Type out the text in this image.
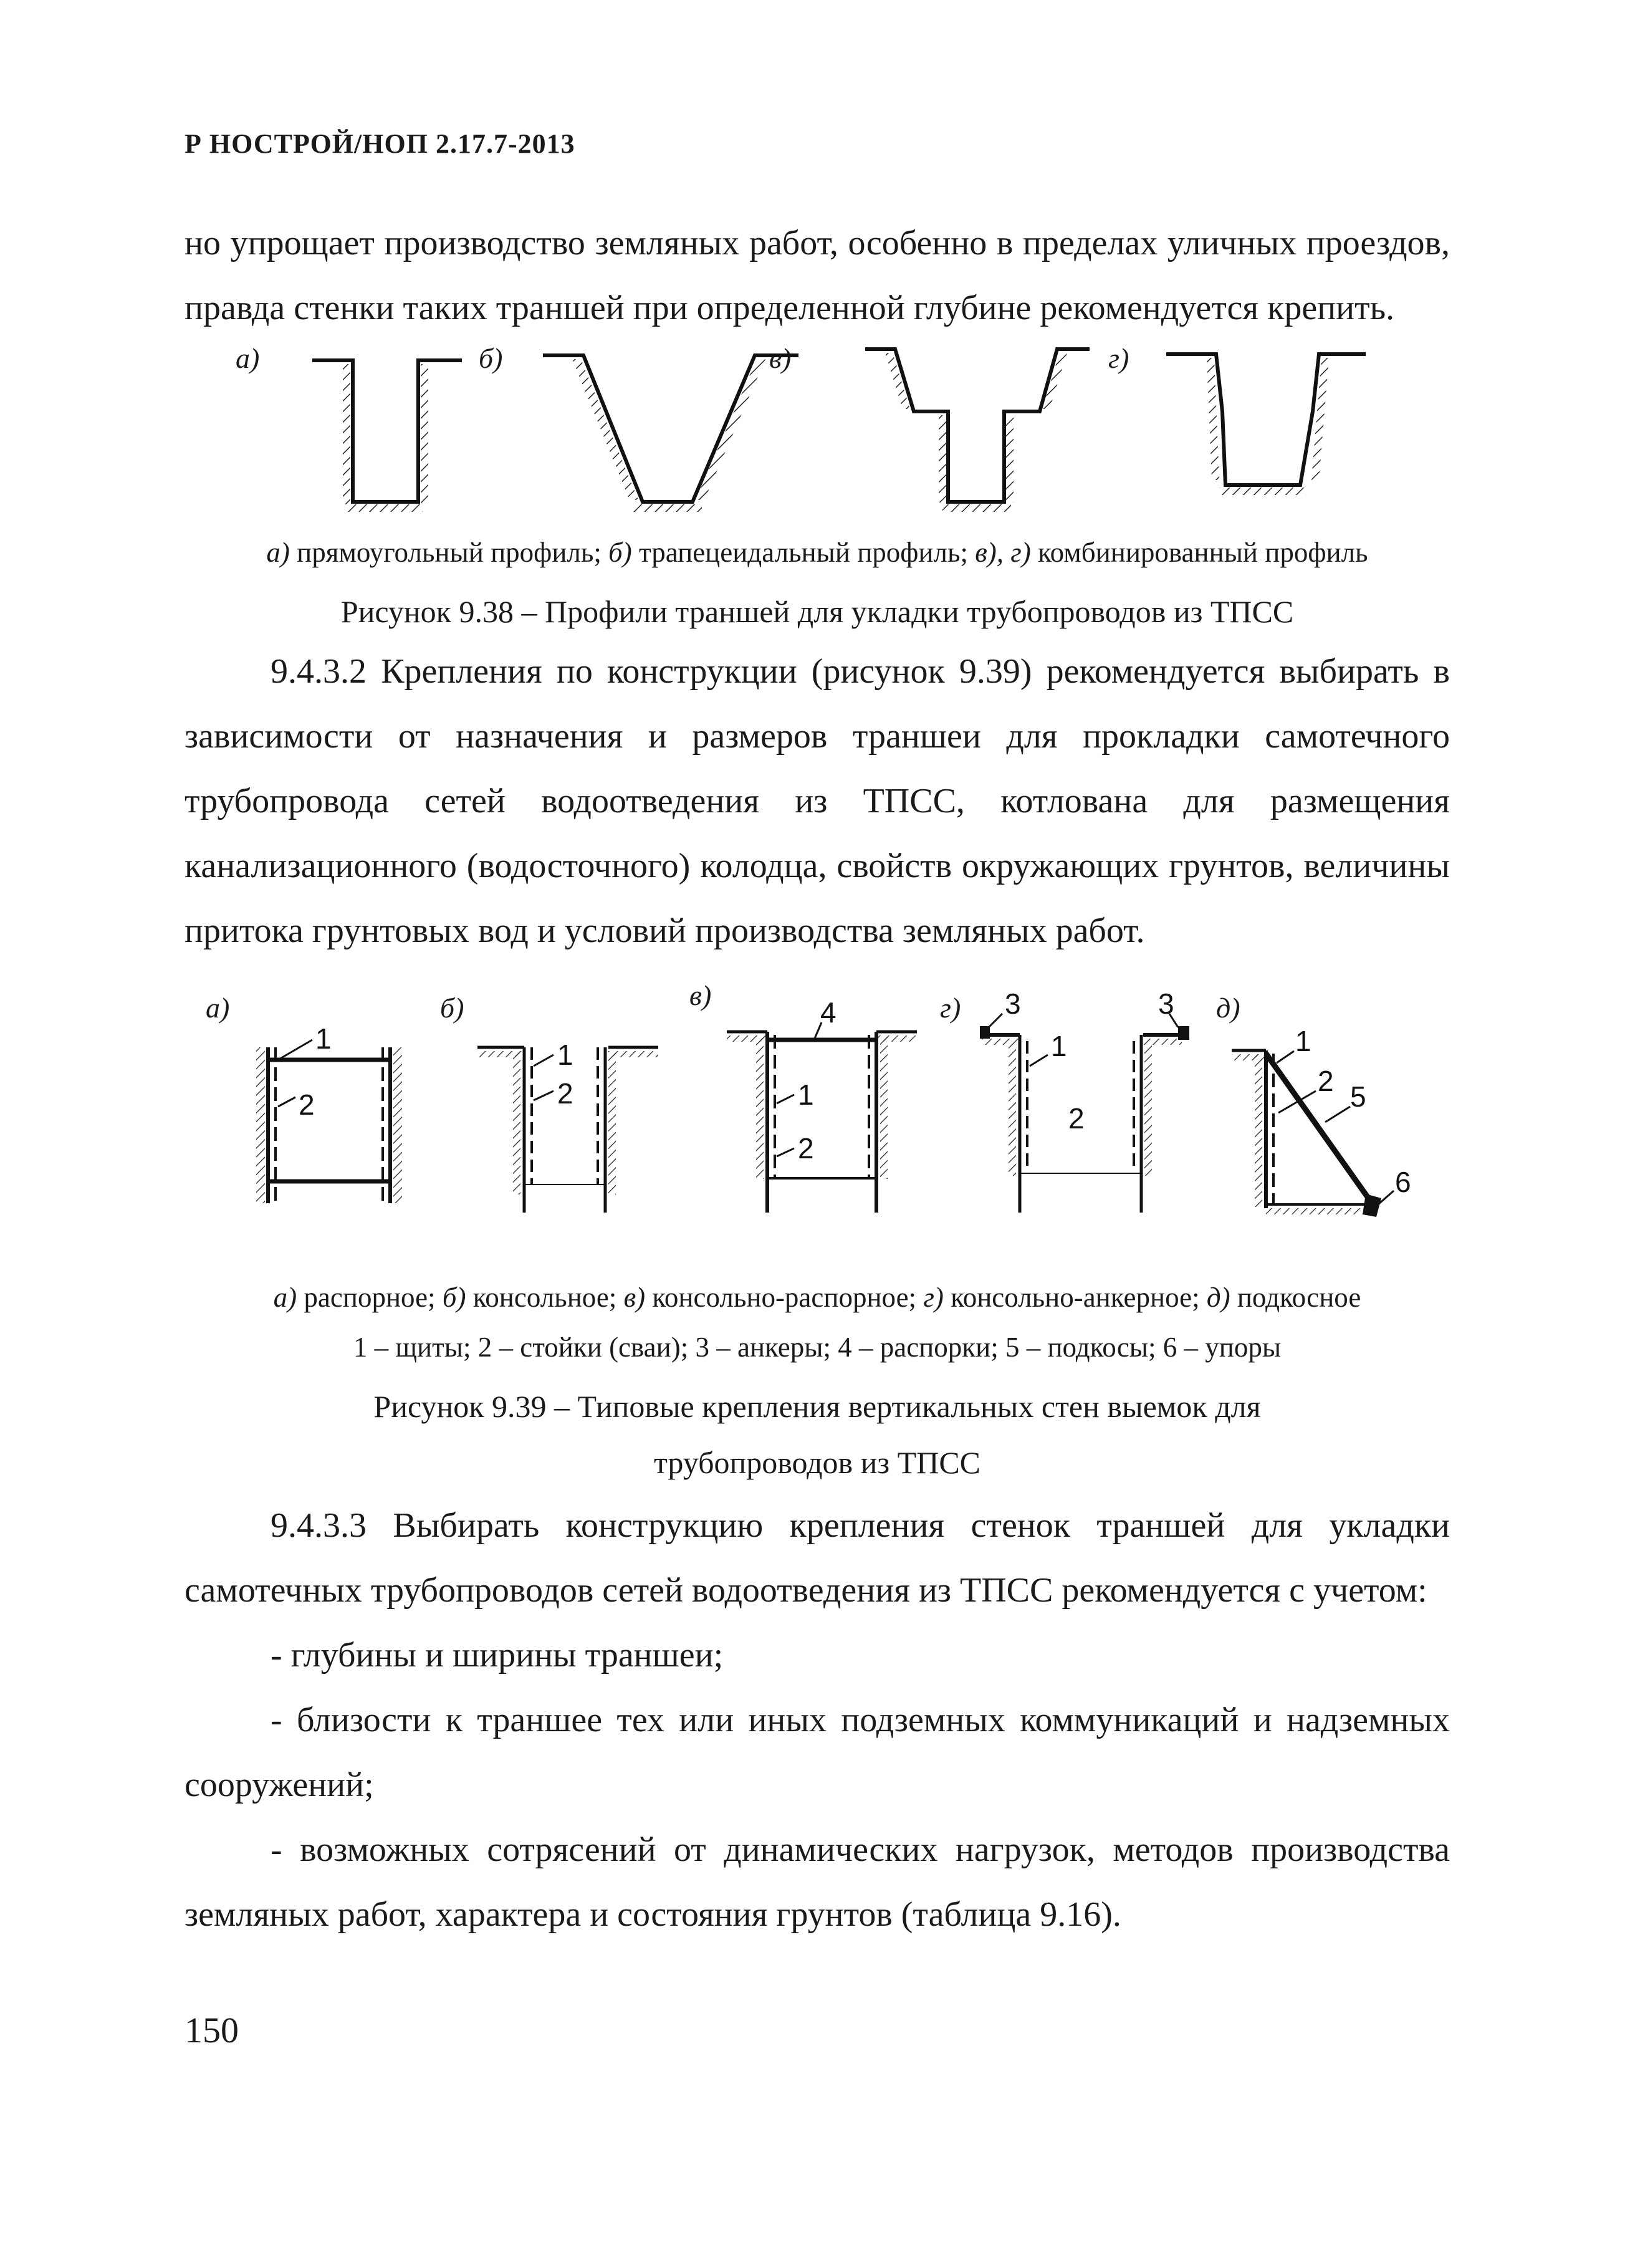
Р НОСТРОЙ/НОП 2.17.7-2013
но упрощает производство земляных работ, особенно в пределах уличных проездов,
правда стенки таких траншей при определенной глубине рекомендуется крепить.
а)	б)	в)	г)
а) прямоугольный профиль; б) трапецеидальный профиль; в), г) комбинированный профиль
Рисунок 9.38 – Профили траншей для укладки трубопроводов из ТПСС

9.4.3.2 Крепления по конструкции (рисунок 9.39) рекомендуется выбирать в зависимости от назначения и размеров траншеи для прокладки самотечного трубопровода сетей водоотведения из ТПСС, котлована для размещения канализационного (водосточного) колодца, свойств окружающих грунтов, величины притока грунтовых вод и условий производства земляных работ.

а)	б)	в)	г)	д)
1
2
1
2
4
1
2
3	3
1
2
1
2 5
6
а) распорное; б) консольное; в) консольно-распорное; г) консольно-анкерное; д) подкосное
1 – щиты; 2 – стойки (сваи); 3 – анкеры; 4 – распорки; 5 – подкосы; 6 – упоры
Рисунок 9.39 – Типовые крепления вертикальных стен выемок для
трубопроводов из ТПСС

9.4.3.3 Выбирать конструкцию крепления стенок траншей для укладки самотечных трубопроводов сетей водоотведения из ТПСС рекомендуется с учетом:

- глубины и ширины траншеи;

- близости к траншее тех или иных подземных коммуникаций и надземных сооружений;

- возможных сотрясений от динамических нагрузок, методов производства земляных работ, характера и состояния грунтов (таблица 9.16).

150
